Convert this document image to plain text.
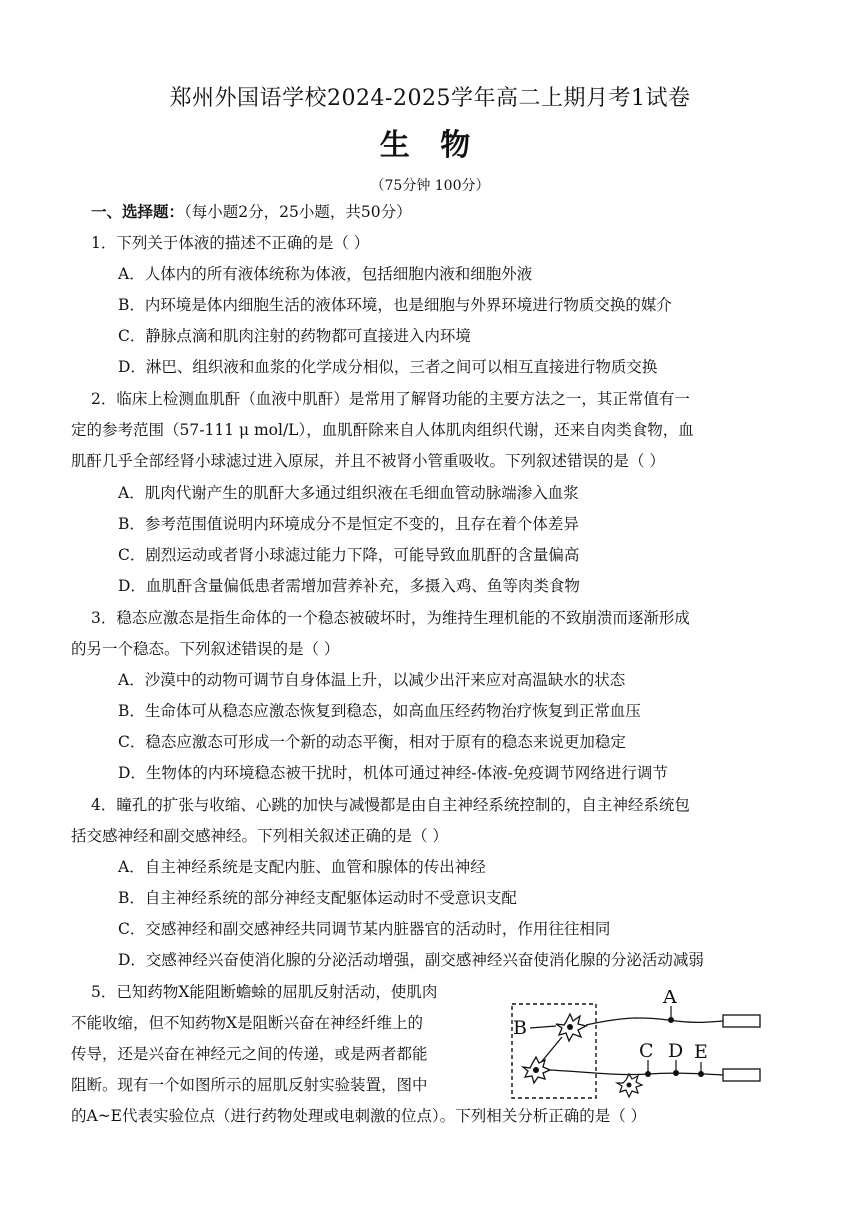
郑州外国语学校2024-2025学年高二上期月考1试卷
生 物
（75分钟 100分）
一、选择题：（每小题2分，25小题，共50分）
1．下列关于体液的描述不正确的是（ ）
A．人体内的所有液体统称为体液，包括细胞内液和细胞外液
B．内环境是体内细胞生活的液体环境，也是细胞与外界环境进行物质交换的媒介
C．静脉点滴和肌肉注射的药物都可直接进入内环境
D．淋巴、组织液和血浆的化学成分相似，三者之间可以相互直接进行物质交换
2．临床上检测血肌酐（血液中肌酐）是常用了解肾功能的主要方法之一，其正常值有一
定的参考范围（57-111 μ mol/L），血肌酐除来自人体肌肉组织代谢，还来自肉类食物，血
肌酐几乎全部经肾小球滤过进入原尿，并且不被肾小管重吸收。下列叙述错误的是（ ）
A．肌肉代谢产生的肌酐大多通过组织液在毛细血管动脉端渗入血浆
B．参考范围值说明内环境成分不是恒定不变的，且存在着个体差异
C．剧烈运动或者肾小球滤过能力下降，可能导致血肌酐的含量偏高
D．血肌酐含量偏低患者需增加营养补充，多摄入鸡、鱼等肉类食物
3．稳态应激态是指生命体的一个稳态被破坏时，为维持生理机能的不致崩溃而逐渐形成
的另一个稳态。下列叙述错误的是（ ）
A．沙漠中的动物可调节自身体温上升，以减少出汗来应对高温缺水的状态
B．生命体可从稳态应激态恢复到稳态，如高血压经药物治疗恢复到正常血压
C．稳态应激态可形成一个新的动态平衡，相对于原有的稳态来说更加稳定
D．生物体的内环境稳态被干扰时，机体可通过神经-体液-免疫调节网络进行调节
4．瞳孔的扩张与收缩、心跳的加快与减慢都是由自主神经系统控制的，自主神经系统包
括交感神经和副交感神经。下列相关叙述正确的是（ ）
A．自主神经系统是支配内脏、血管和腺体的传出神经
B．自主神经系统的部分神经支配躯体运动时不受意识支配
C．交感神经和副交感神经共同调节某内脏器官的活动时，作用往往相同
D．交感神经兴奋使消化腺的分泌活动增强，副交感神经兴奋使消化腺的分泌活动减弱
5．已知药物X能阻断蟾蜍的屈肌反射活动，使肌肉
不能收缩，但不知药物X是阻断兴奋在神经纤维上的
传导，还是兴奋在神经元之间的传递，或是两者都能
阻断。现有一个如图所示的屈肌反射实验装置，图中
的A~E代表实验位点（进行药物处理或电刺激的位点）。下列相关分析正确的是（ ）
A
B
C D E
